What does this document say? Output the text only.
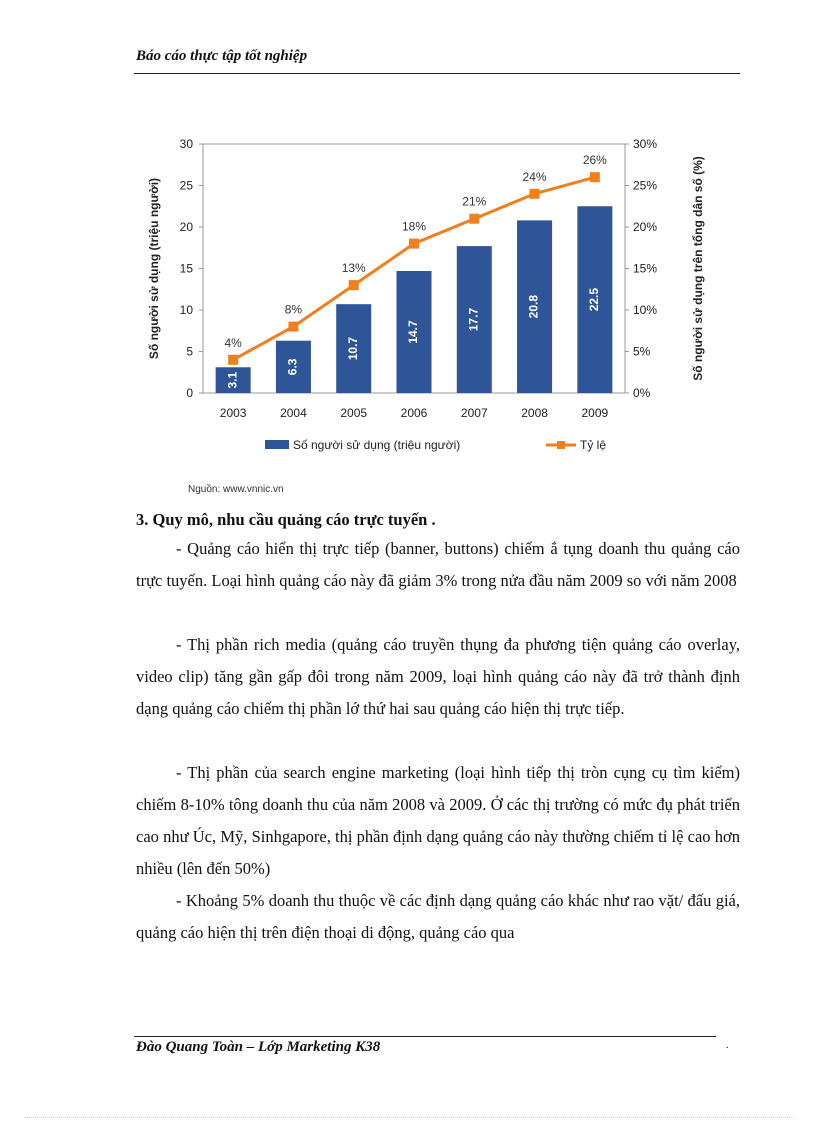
Báo cáo thực tập tốt nghiệp
0
5
10
15
20
25
30
0%
5%
10%
15%
20%
25%
30%
3.1
6.3
10.7
14.7
17.7
20.8	22.5
2003	2004	2005	2006	2007	2008	2009
4%
8%
13%
18%
21%
24%
26%
Số người sử dụng (triệu người)	Số người sử dụng trên tổng dân số (%)
Số người sử dụng (triệu người)	Tỷ lệ
Nguồn: www.vnnic.vn
3. Quy mô, nhu cầu quảng cáo trực tuyến .
- Quảng cáo hiển thị trực tiếp (banner, buttons) chiếm ắ tụng doanh thu quảng cáo trực tuyến. Loại hình quảng cáo này đã giảm 3% trong nửa đầu năm 2009 so với năm 2008
- Thị phần rich media (quảng cáo truyền thụng đa phương tiện quảng cáo overlay, video clip) tăng gần gấp đôi trong năm 2009, loại hình quảng cáo này đã trở thành định dạng quảng cáo chiếm thị phần lớ thứ hai sau quảng cáo hiện thị trực tiếp.
- Thị phần của search engine marketing (loại hình tiếp thị tròn cụng cụ tìm kiếm) chiếm 8-10% tông doanh thu của năm 2008 và 2009. Ở các thị trường có mức đụ phát triển cao như Úc, Mỹ, Sinhgapore, thị phần định dạng quảng cáo này thường chiếm tỉ lệ cao hơn nhiều (lên đến 50%)
- Khoảng 5% doanh thu thuộc về các định dạng quảng cáo khác như rao vặt/ đấu giá, quảng cáo hiện thị trên điện thoại di động, quảng cáo qua
Đào Quang Toàn – Lớp Marketing K38	.
